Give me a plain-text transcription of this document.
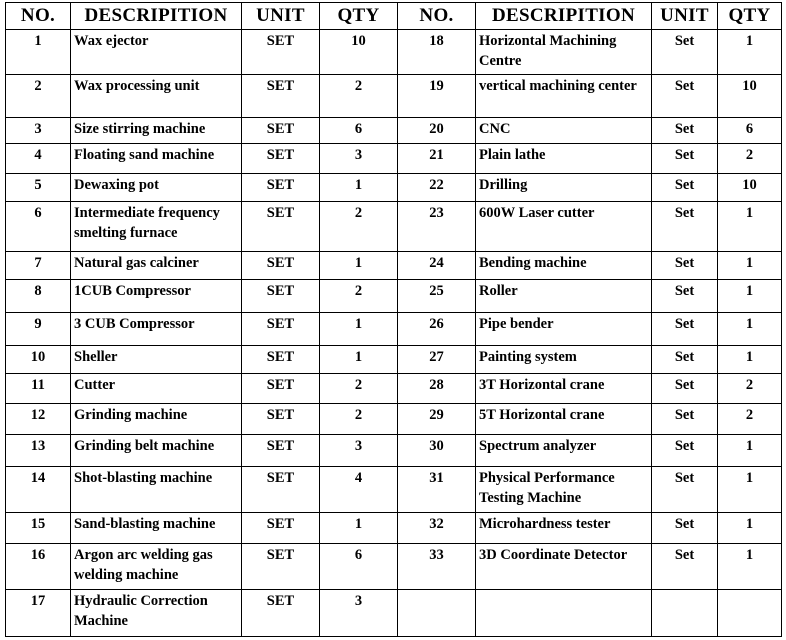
NO.	DESCRIPITION	UNIT	QTY	NO.	DESCRIPITION	UNIT	QTY
1	Wax ejector	SET	10	18	Horizontal Machining Centre	Set	1
2	Wax processing unit	SET	2	19	vertical machining center	Set	10
3	Size stirring machine	SET	6	20	CNC	Set	6
4	Floating sand machine	SET	3	21	Plain lathe	Set	2
5	Dewaxing pot	SET	1	22	Drilling	Set	10
6	Intermediate frequency smelting furnace	SET	2	23	600W Laser cutter	Set	1
7	Natural gas calciner	SET	1	24	Bending machine	Set	1
8	1CUB Compressor	SET	2	25	Roller	Set	1
9	3 CUB Compressor	SET	1	26	Pipe bender	Set	1
10	Sheller	SET	1	27	Painting system	Set	1
11	Cutter	SET	2	28	3T Horizontal crane	Set	2
12	Grinding machine	SET	2	29	5T Horizontal crane	Set	2
13	Grinding belt machine	SET	3	30	Spectrum analyzer	Set	1
14	Shot-blasting machine	SET	4	31	Physical Performance Testing Machine	Set	1
15	Sand-blasting machine	SET	1	32	Microhardness tester	Set	1
16	Argon arc welding gas welding machine	SET	6	33	3D Coordinate Detector	Set	1
17	Hydraulic Correction Machine	SET	3				
